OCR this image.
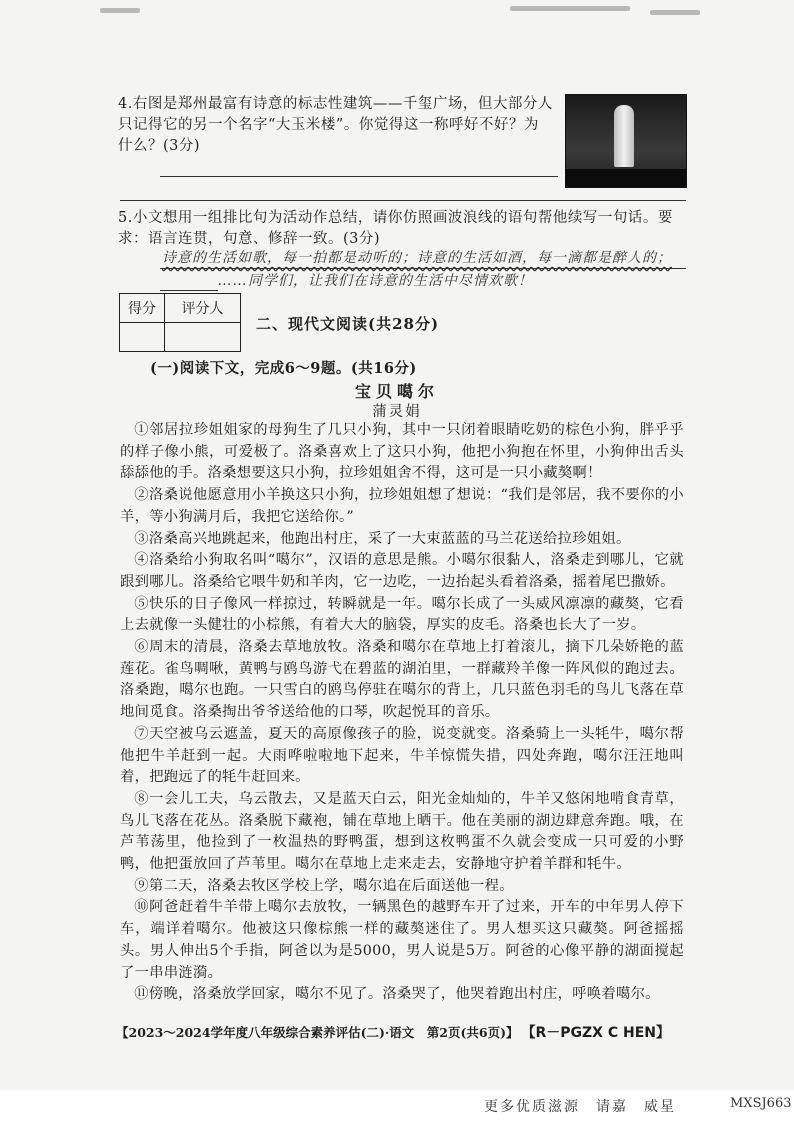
4.右图是郑州最富有诗意的标志性建筑——千玺广场，但大部分人

只记得它的另一个名字“大玉米楼”。你觉得这一称呼好不好？为

什么？(3分)

5.小文想用一组排比句为活动作总结，请你仿照画波浪线的语句帮他续写一句话。要

求：语言连贯，句意、修辞一致。(3分)

诗意的生活如歌，每一拍都是动听的；诗意的生活如酒，每一滴都是醉人的；
……同学们，让我们在诗意的生活中尽情欢歌！
得分	评分人

二、现代文阅读(共28分)
(一)阅读下文，完成6～9题。(共16分)
宝贝噶尔
蒲灵娟

①邻居拉珍姐姐家的母狗生了几只小狗，其中一只闭着眼睛吃奶的棕色小狗，胖乎乎的样子像小熊，可爱极了。洛桑喜欢上了这只小狗，他把小狗抱在怀里，小狗伸出舌头舔舔他的手。洛桑想要这只小狗，拉珍姐姐舍不得，这可是一只小藏獒啊！

②洛桑说他愿意用小羊换这只小狗，拉珍姐姐想了想说：“我们是邻居，我不要你的小羊，等小狗满月后，我把它送给你。”

③洛桑高兴地跳起来，他跑出村庄，采了一大束蓝蓝的马兰花送给拉珍姐姐。

④洛桑给小狗取名叫“噶尔”，汉语的意思是熊。小噶尔很黏人，洛桑走到哪儿，它就跟到哪儿。洛桑给它喂牛奶和羊肉，它一边吃，一边抬起头看着洛桑，摇着尾巴撒娇。

⑤快乐的日子像风一样掠过，转瞬就是一年。噶尔长成了一头威风凛凛的藏獒，它看上去就像一头健壮的小棕熊，有着大大的脑袋，厚实的皮毛。洛桑也长大了一岁。

⑥周末的清晨，洛桑去草地放牧。洛桑和噶尔在草地上打着滚儿，摘下几朵娇艳的蓝莲花。雀鸟啁啾，黄鸭与鸥鸟游弋在碧蓝的湖泊里，一群藏羚羊像一阵风似的跑过去。洛桑跑，噶尔也跑。一只雪白的鸥鸟停驻在噶尔的背上，几只蓝色羽毛的鸟儿飞落在草地间觅食。洛桑掏出爷爷送给他的口琴，吹起悦耳的音乐。

⑦天空被乌云遮盖，夏天的高原像孩子的脸，说变就变。洛桑骑上一头牦牛，噶尔帮他把牛羊赶到一起。大雨哗啦啦地下起来，牛羊惊慌失措，四处奔跑，噶尔汪汪地叫着，把跑远了的牦牛赶回来。

⑧一会儿工夫，乌云散去，又是蓝天白云，阳光金灿灿的，牛羊又悠闲地啃食青草，鸟儿飞落在花丛。洛桑脱下藏袍，铺在草地上晒干。他在美丽的湖边肆意奔跑。哦，在芦苇荡里，他捡到了一枚温热的野鸭蛋，想到这枚鸭蛋不久就会变成一只可爱的小野鸭，他把蛋放回了芦苇里。噶尔在草地上走来走去，安静地守护着羊群和牦牛。

⑨第二天，洛桑去牧区学校上学，噶尔追在后面送他一程。

⑩阿爸赶着牛羊带上噶尔去放牧，一辆黑色的越野车开了过来，开车的中年男人停下车，端详着噶尔。他被这只像棕熊一样的藏獒迷住了。男人想买这只藏獒。阿爸摇摇头。男人伸出5个手指，阿爸以为是5000，男人说是5万。阿爸的心像平静的湖面搅起了一串串涟漪。

⑪傍晚，洛桑放学回家，噶尔不见了。洛桑哭了，他哭着跑出村庄，呼唤着噶尔。

【2023～2024学年度八年级综合素养评估(二)·语文　第2页(共6页)】 【R－PGZX C HEN】
更多优质滋源　请嘉　威星	MXSJ663
